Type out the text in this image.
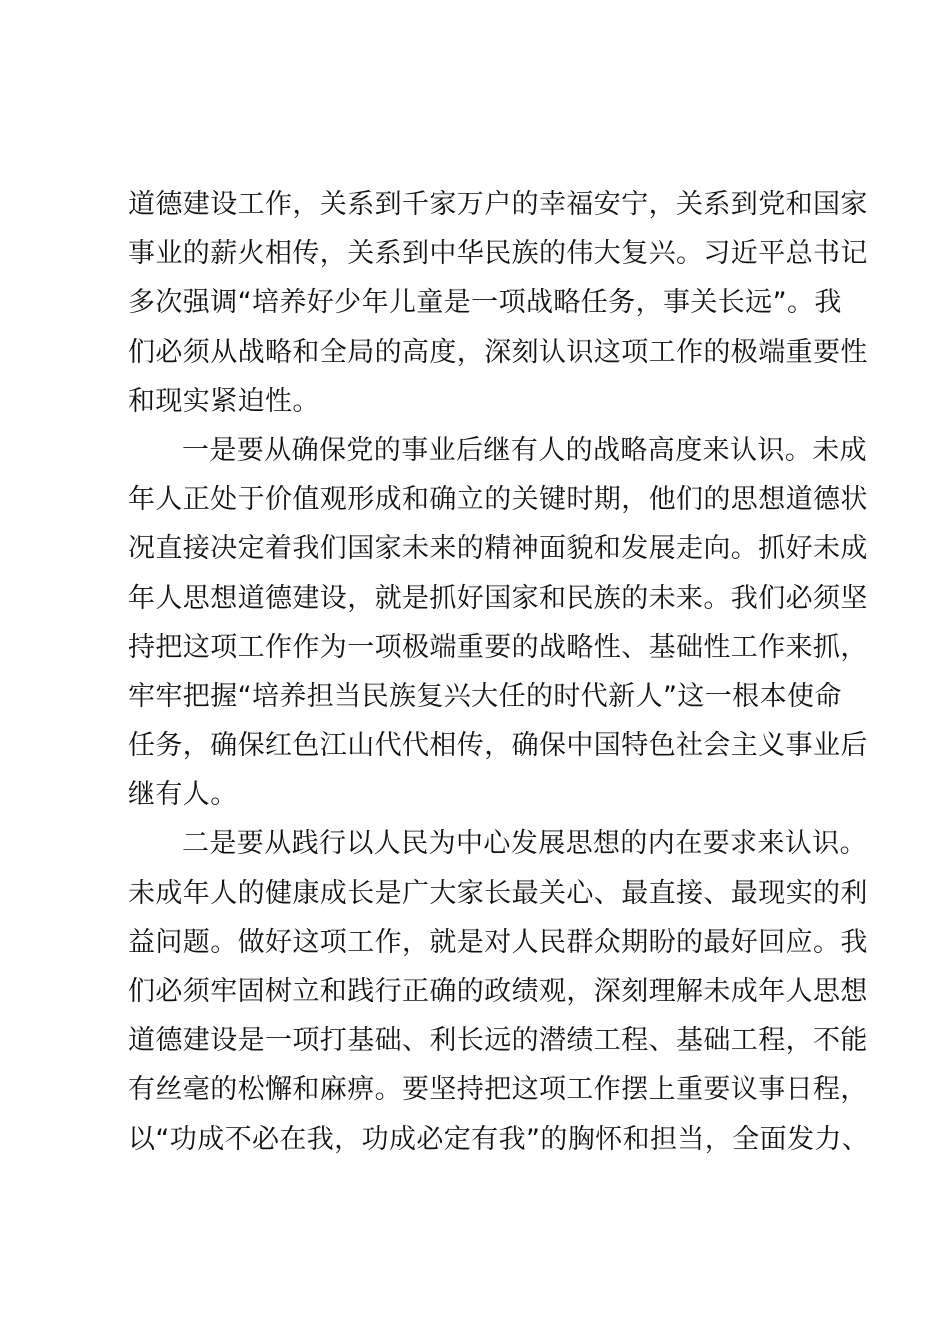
道德建设工作，关系到千家万户的幸福安宁，关系到党和国家
事业的薪火相传，关系到中华民族的伟大复兴。习近平总书记
多次强调“培养好少年儿童是一项战略任务，事关长远”。我
们必须从战略和全局的高度，深刻认识这项工作的极端重要性
和现实紧迫性。
一是要从确保党的事业后继有人的战略高度来认识。未成
年人正处于价值观形成和确立的关键时期，他们的思想道德状
况直接决定着我们国家未来的精神面貌和发展走向。抓好未成
年人思想道德建设，就是抓好国家和民族的未来。我们必须坚
持把这项工作作为一项极端重要的战略性、基础性工作来抓，
牢牢把握“培养担当民族复兴大任的时代新人”这一根本使命
任务，确保红色江山代代相传，确保中国特色社会主义事业后
继有人。
二是要从践行以人民为中心发展思想的内在要求来认识。
未成年人的健康成长是广大家长最关心、最直接、最现实的利
益问题。做好这项工作，就是对人民群众期盼的最好回应。我
们必须牢固树立和践行正确的政绩观，深刻理解未成年人思想
道德建设是一项打基础、利长远的潜绩工程、基础工程，不能
有丝毫的松懈和麻痹。要坚持把这项工作摆上重要议事日程，
以“功成不必在我，功成必定有我”的胸怀和担当，全面发力、
